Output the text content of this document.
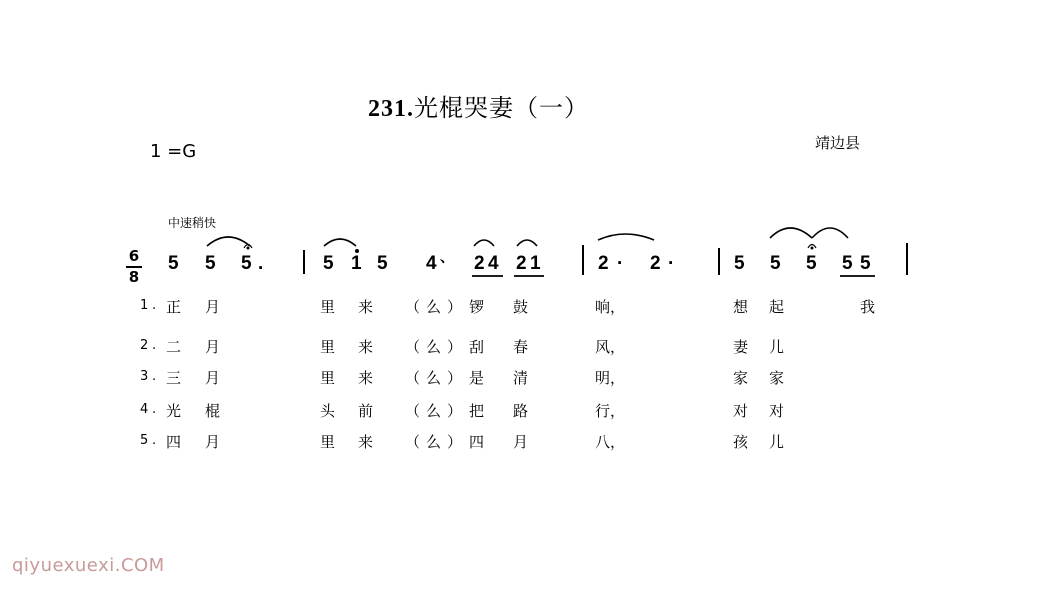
231.光棍哭妻（一）
1 =G	靖边县
中速稍快
6
8
5 5 5 .	5 1 5 4 、 2 4 2 1	2 · 2 ·	5 5 5 5 5
1 . 正 月	里 来 （么） 锣 鼓	响，	想 起	我
2 . 二 月	里 来 （么） 刮 春	风，	妻 儿
3 . 三 月	里 来 （么） 是 清	明，	家 家
4 . 光 棍	头 前 （么） 把 路	行，	对 对
5 . 四 月	里 来 （么） 四 月	八，	孩 儿
qiyuexuexi.COM
